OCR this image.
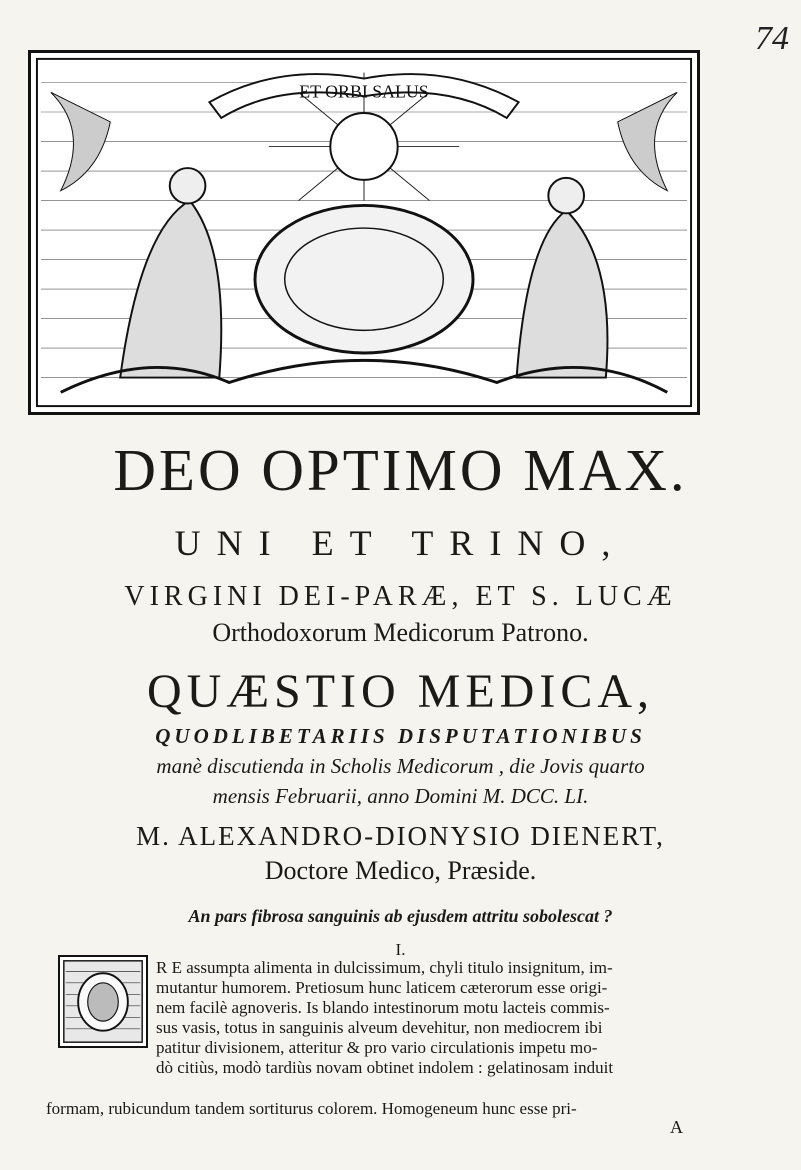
74
ET ORBI SALUS
DEO OPTIMO MAX.
UNI ET TRINO,
VIRGINI DEI-PARÆ, ET S. LUCÆ
Orthodoxorum Medicorum Patrono.
QUÆSTIO MEDICA,
QUODLIBETARIIS DISPUTATIONIBUS
manè discutienda in Scholis Medicorum , die Jovis quarto
mensis Februarii, anno Domini M. DCC. LI.
M. ALEXANDRO-DIONYSIO DIENERT,
Doctore Medico, Præside.
An pars fibrosa sanguinis ab ejusdem attritu sobolescat ?
I.
R E assumpta alimenta in dulcissimum, chyli titulo insignitum, im-
mutantur humorem. Pretiosum hunc laticem cæterorum esse origi-
nem facilè agnoveris. Is blando intestinorum motu lacteis commis-
sus vasis, totus in sanguinis alveum devehitur, non mediocrem ibi
patitur divisionem, atteritur & pro vario circulationis impetu mo-
dò citiùs, modò tardiùs novam obtinet indolem : gelatinosam induit
formam, rubicundum tandem sortiturus colorem. Homogeneum hunc esse pri-
A
